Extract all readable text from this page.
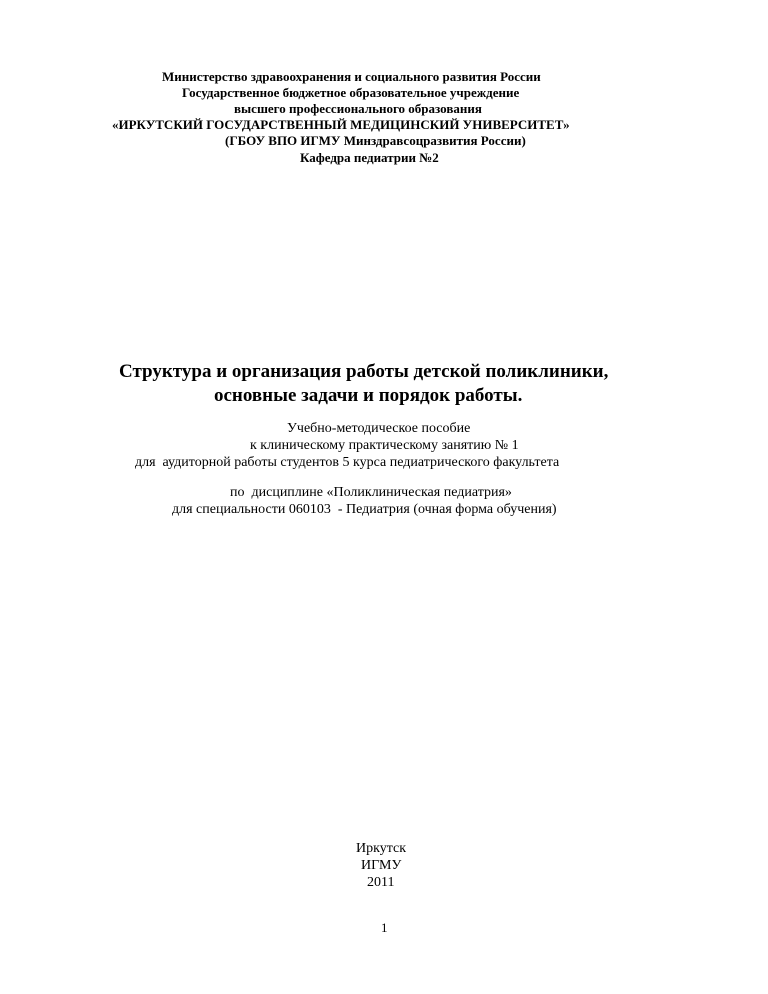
Министерство здравоохранения и социального развития России
Государственное бюджетное образовательное учреждение
высшего профессионального образования
«ИРКУТСКИЙ ГОСУДАРСТВЕННЫЙ МЕДИЦИНСКИЙ УНИВЕРСИТЕТ»
(ГБОУ ВПО ИГМУ Минздравсоцразвития России)
Кафедра педиатрии №2
Структура и организация работы детской поликлиники,
основные задачи и порядок работы.
Учебно-методическое пособие
к клиническому практическому занятию № 1
для  аудиторной работы студентов 5 курса педиатрического факультета
по  дисциплине «Поликлиническая педиатрия»
для специальности 060103  - Педиатрия (очная форма обучения)
Иркутск
ИГМУ
2011
1
